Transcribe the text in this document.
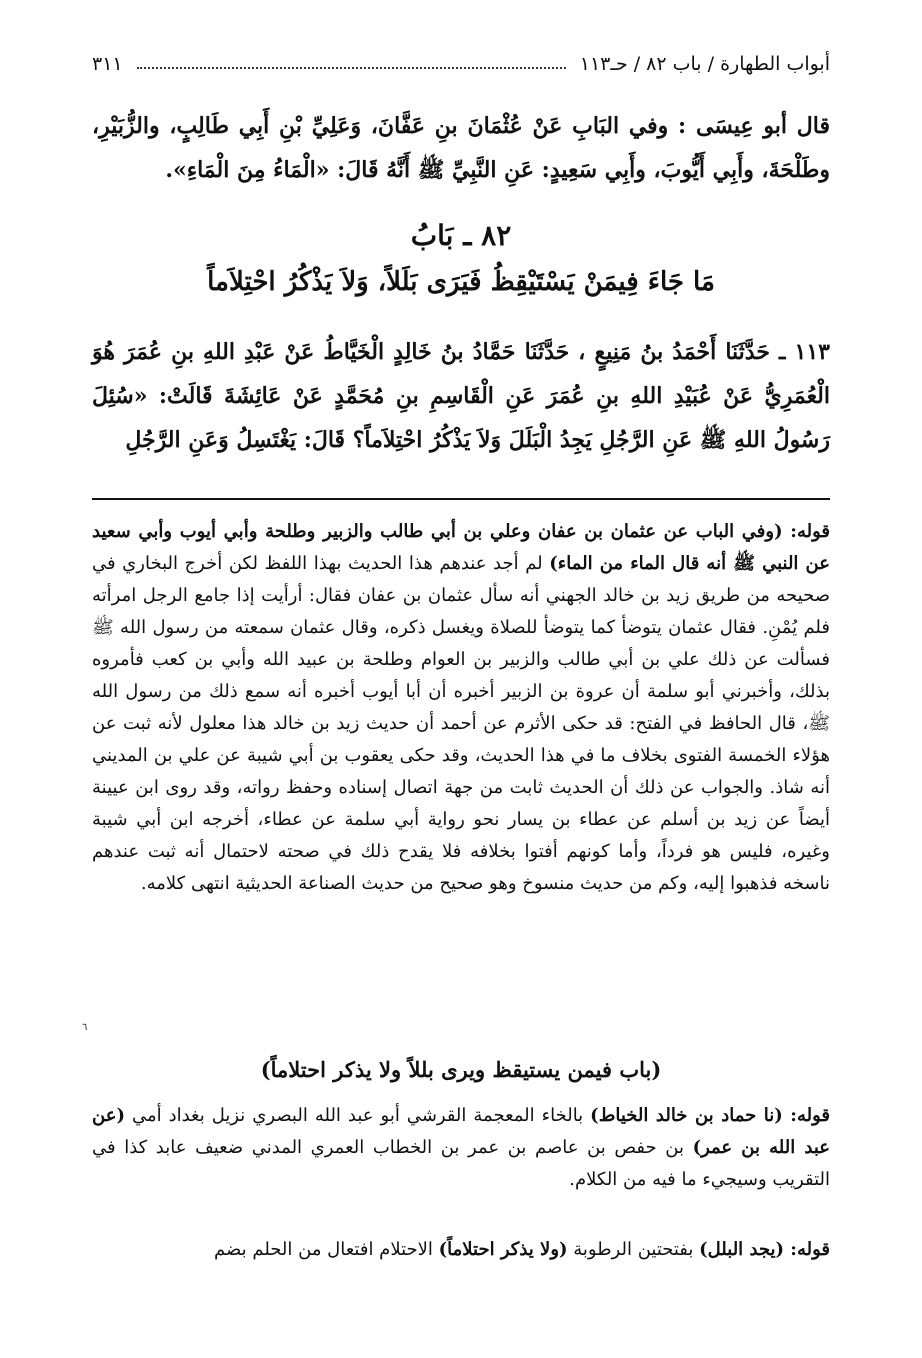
أبواب الطهارة / باب ٨٢ / حـ١١٣
٣١١

قال أبو عِيسَى : وفي البَابِ عَنْ عُثْمَانَ بنِ عَفَّانَ، وَعَلِيِّ بْنِ أَبِي طَالِبٍ، والزُّبَيْرِ، وطَلْحَةَ، وأَبِي أَيُّوبَ، وأَبِي سَعِيدٍ: عَنِ النَّبِيِّ ﷺ أَنَّهُ قَالَ: «الْمَاءُ مِنَ الْمَاءِ».

٨٢ ـ بَابُ
مَا جَاءَ فِيمَنْ يَسْتَيْقِظُ فَيَرَى بَلَلاً، وَلاَ يَذْكُرُ احْتِلاَماً

١١٣ ـ حَدَّثَنَا أَحْمَدُ بنُ مَنِيعٍ ، حَدَّثَنَا حَمَّادُ بنُ خَالِدٍ الْخَيَّاطُ عَنْ عَبْدِ اللهِ بنِ عُمَرَ هُوَ الْعُمَرِيُّ عَنْ عُبَيْدِ اللهِ بنِ عُمَرَ عَنِ الْقَاسِمِ بنِ مُحَمَّدٍ عَنْ عَائِشَةَ قَالَتْ: «سُئِلَ رَسُولُ اللهِ ﷺ عَنِ الرَّجُلِ يَجِدُ الْبَلَلَ وَلاَ يَذْكُرُ احْتِلاَماً؟ قَالَ: يَغْتَسِلُ وَعَنِ الرَّجُلِ

قوله: (وفي الباب عن عثمان بن عفان وعلي بن أبي طالب والزبير وطلحة وأبي أيوب وأبي سعيد عن النبي ﷺ أنه قال الماء من الماء) لم أجد عندهم هذا الحديث بهذا اللفظ لكن أخرج البخاري في صحيحه من طريق زيد بن خالد الجهني أنه سأل عثمان بن عفان فقال: أرأيت إذا جامع الرجل امرأته فلم يُمْنِ. فقال عثمان يتوضأ كما يتوضأ للصلاة ويغسل ذكره، وقال عثمان سمعته من رسول الله ﷺ فسألت عن ذلك علي بن أبي طالب والزبير بن العوام وطلحة بن عبيد الله وأبي بن كعب فأمروه بذلك، وأخبرني أبو سلمة أن عروة بن الزبير أخبره أن أبا أيوب أخبره أنه سمع ذلك من رسول الله ﷺ، قال الحافظ في الفتح: قد حكى الأثرم عن أحمد أن حديث زيد بن خالد هذا معلول لأنه ثبت عن هؤلاء الخمسة الفتوى بخلاف ما في هذا الحديث، وقد حكى يعقوب بن أبي شيبة عن علي بن المديني أنه شاذ. والجواب عن ذلك أن الحديث ثابت من جهة اتصال إسناده وحفظ رواته، وقد روى ابن عيينة أيضاً عن زيد بن أسلم عن عطاء بن يسار نحو رواية أبي سلمة عن عطاء، أخرجه ابن أبي شيبة وغيره، فليس هو فرداً، وأما كونهم أفتوا بخلافه فلا يقدح ذلك في صحته لاحتمال أنه ثبت عندهم ناسخه فذهبوا إليه، وكم من حديث منسوخ وهو صحيح من حديث الصناعة الحديثية انتهى كلامه.

٦
(باب فيمن يستيقظ ويرى بللاً ولا يذكر احتلاماً)

قوله: (نا حماد بن خالد الخياط) بالخاء المعجمة القرشي أبو عبد الله البصري نزيل بغداد أمي (عن عبد الله بن عمر) بن حفص بن عاصم بن عمر بن الخطاب العمري المدني ضعيف عابد كذا في التقريب وسيجيء ما فيه من الكلام.

قوله: (يجد البلل) بفتحتين الرطوبة (ولا يذكر احتلاماً) الاحتلام افتعال من الحلم بضم
